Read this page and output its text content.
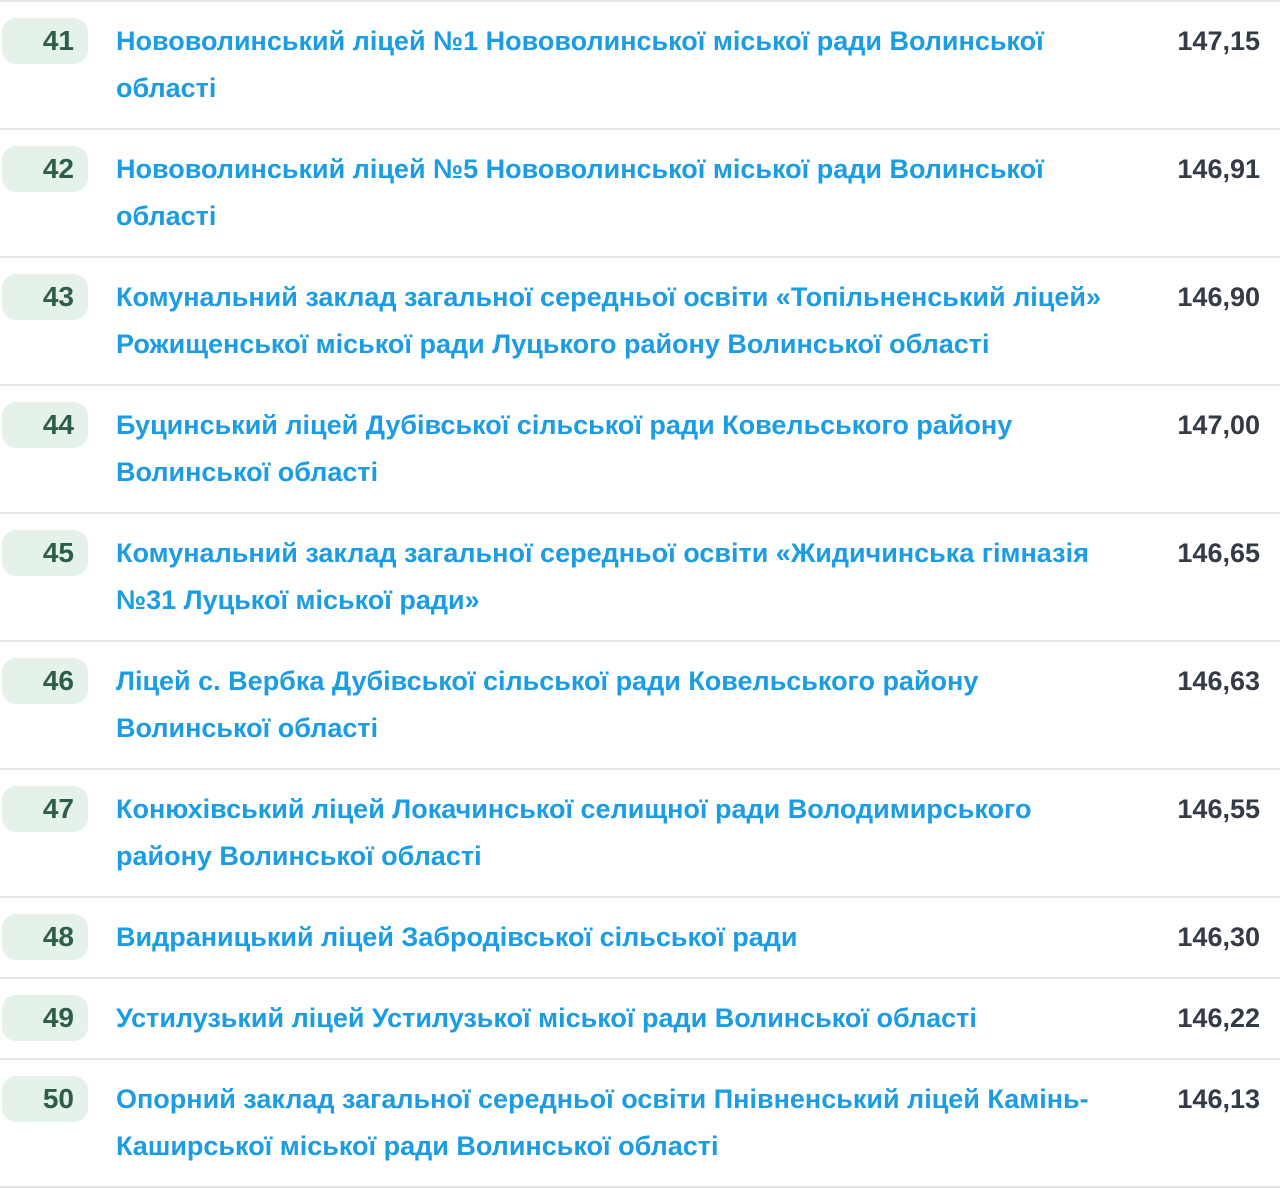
41 Нововолинський ліцей №1 Нововолинської міської ради Волинської області
147,15
42 Нововолинський ліцей №5 Нововолинської міської ради Волинської області
146,91
43 Комунальний заклад загальної середньої освіти «Топільненський ліцей» Рожищенської міської ради Луцького району Волинської області
146,90
44 Буцинський ліцей Дубівської сільської ради Ковельського району Волинської області
147,00
45 Комунальний заклад загальної середньої освіти «Жидичинська гімназія №31 Луцької міської ради»
146,65
46 Ліцей с. Вербка Дубівської сільської ради Ковельського району Волинської області
146,63
47 Конюхівський ліцей Локачинської селищної ради Володимирського району Волинської області
146,55
48 Видраницький ліцей Забродівської сільської ради	146,30
49 Устилузький ліцей Устилузької міської ради Волинської області	146,22
50 Опорний заклад загальної середньої освіти Пнівненський ліцей Камінь-Каширської міської ради Волинської області
146,13
